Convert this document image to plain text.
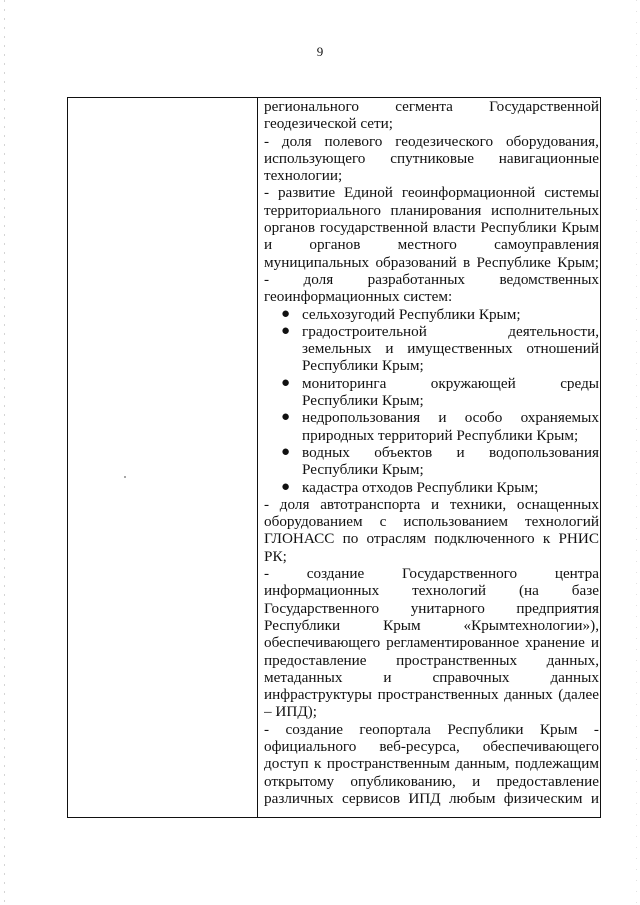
9
регионального сегмента Государственной
геодезической сети;
- доля полевого геодезического оборудования,
использующего спутниковые навигационные
технологии;
- развитие Единой геоинформационной системы
территориального планирования исполнительных
органов государственной власти Республики Крым
и органов местного самоуправления
муниципальных образований в Республике Крым;
- доля разработанных ведомственных
геоинформационных систем:
● сельхозугодий Республики Крым;
● градостроительной	деятельности,
земельных и имущественных отношений
Республики Крым;
● мониторинга	окружающей	среды
Республики Крым;
● недропользования и особо охраняемых
природных территорий Республики Крым;
● водных объектов и водопользования
Республики Крым;
● кадастра отходов Республики Крым;
- доля автотранспорта и техники, оснащенных
оборудованием с использованием технологий
ГЛОНАСС по отраслям подключенного к РНИС
РК;
- создание Государственного центра
информационных технологий (на базе
Государственного унитарного предприятия
Республики	Крым	«Крымтехнологии»),
обеспечивающего регламентированное хранение и
предоставление пространственных данных,
метаданных	и	справочных	данных
инфраструктуры пространственных данных (далее
– ИПД);
- создание геопортала Республики Крым -
официального веб-ресурса, обеспечивающего
доступ к пространственным данным, подлежащим
открытому опубликованию, и предоставление
различных сервисов ИПД любым физическим и
